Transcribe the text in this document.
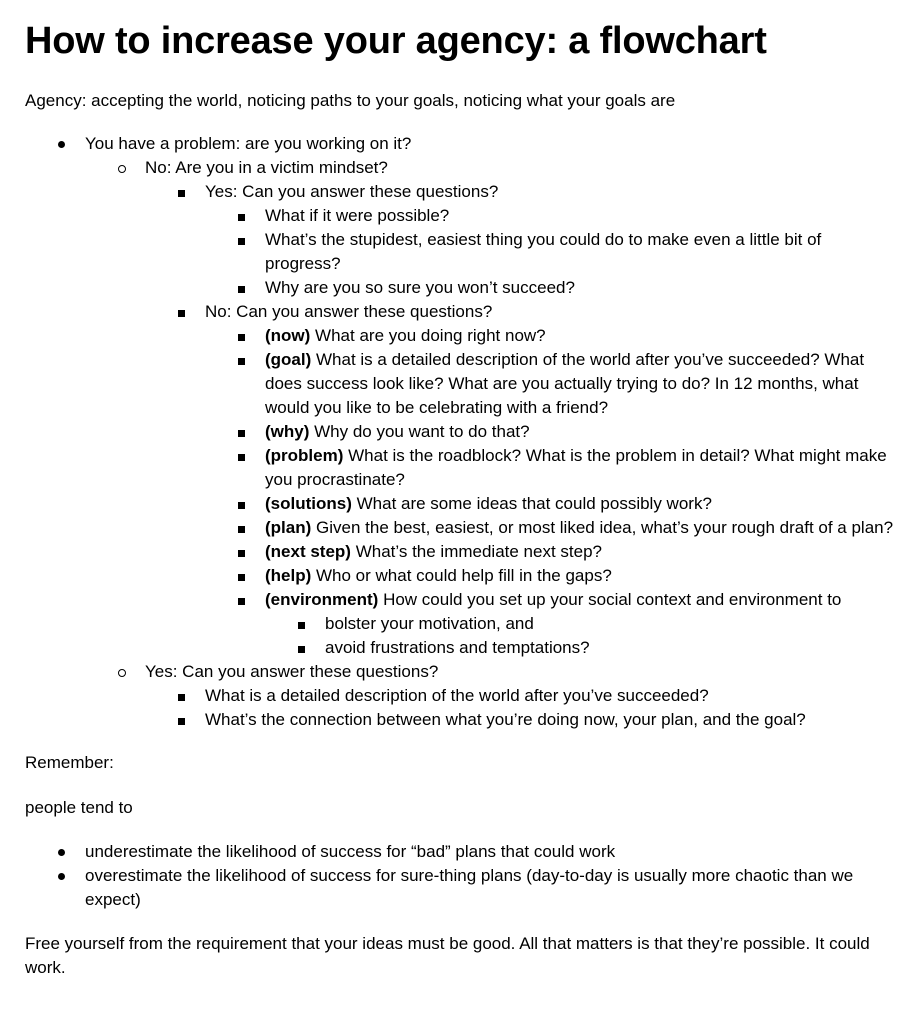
How to increase your agency: a flowchart

Agency: accepting the world, noticing paths to your goals, noticing what your goals are

You have a problem: are you working on it?
No: Are you in a victim mindset?
Yes: Can you answer these questions?
What if it were possible?
What’s the stupidest, easiest thing you could do to make even a little bit of progress?
Why are you so sure you won’t succeed?
No: Can you answer these questions?
(now) What are you doing right now?
(goal) What is a detailed description of the world after you’ve succeeded? What does success look like? What are you actually trying to do? In 12 months, what would you like to be celebrating with a friend?
(why) Why do you want to do that?
(problem) What is the roadblock? What is the problem in detail? What might make you procrastinate?
(solutions) What are some ideas that could possibly work?
(plan) Given the best, easiest, or most liked idea, what’s your rough draft of a plan?
(next step) What’s the immediate next step?
(help) Who or what could help fill in the gaps?
(environment) How could you set up your social context and environment to
bolster your motivation, and
avoid frustrations and temptations?
Yes: Can you answer these questions?
What is a detailed description of the world after you’ve succeeded?
What’s the connection between what you’re doing now, your plan, and the goal?

Remember:

people tend to

underestimate the likelihood of success for “bad” plans that could work
overestimate the likelihood of success for sure-thing plans (day-to-day is usually more chaotic than we expect)

Free yourself from the requirement that your ideas must be good. All that matters is that they’re possible. It could work.
